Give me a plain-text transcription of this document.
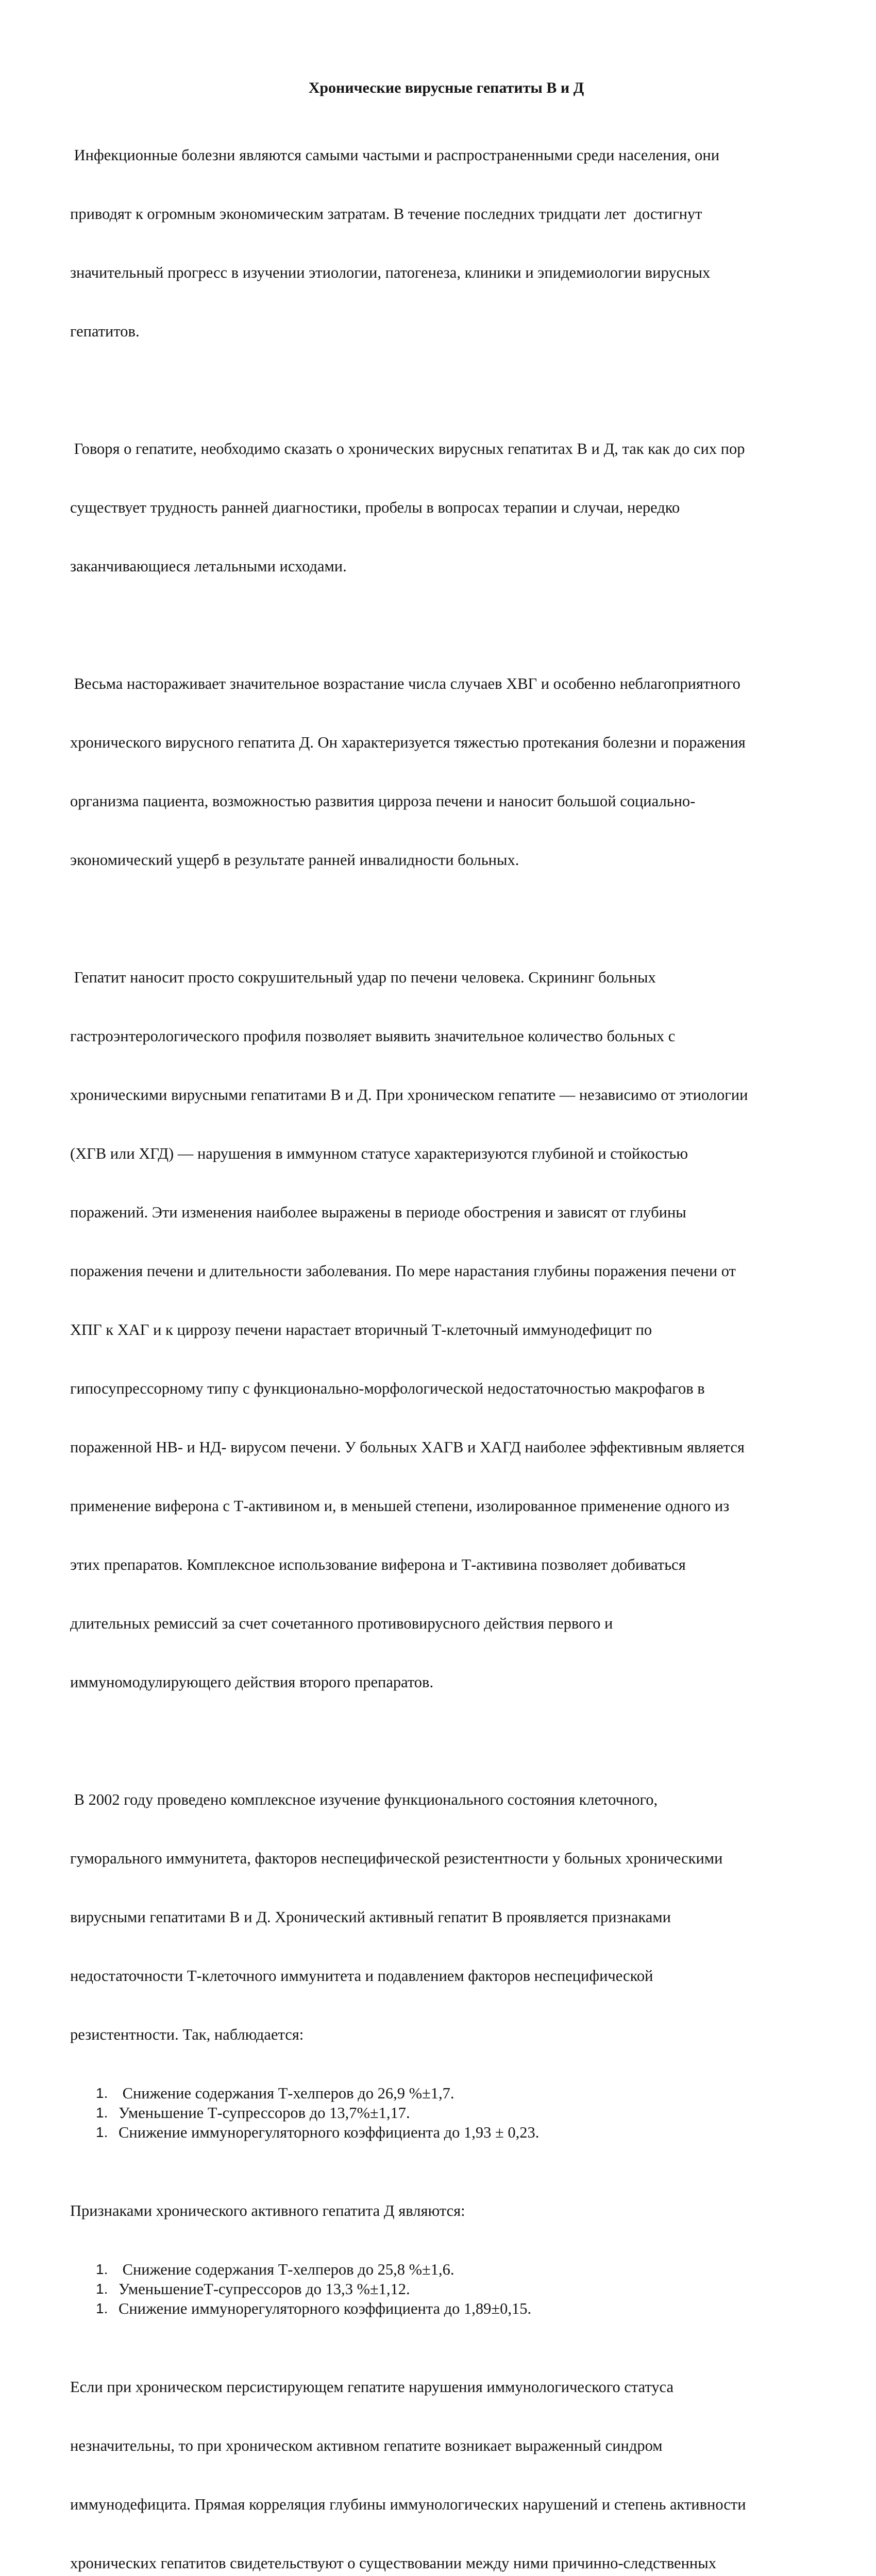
Хронические вирусные гепатиты В и Д

Инфекционные болезни являются самыми частыми и распространенными среди населения, они

приводят к огромным экономическим затратам. В течение последних тридцати лет  достигнут

значительный прогресс в изучении этиологии, патогенеза, клиники и эпидемиологии вирусных

гепатитов.

Говоря о гепатите, необходимо сказать о хронических вирусных гепатитах В и Д, так как до сих пор

существует трудность ранней диагностики, пробелы в вопросах терапии и случаи, нередко

заканчивающиеся летальными исходами.

Весьма настораживает значительное возрастание числа случаев ХВГ и особенно неблагоприятного

хронического вирусного гепатита Д. Он характеризуется тяжестью протекания болезни и поражения

организма пациента, возможностью развития цирроза печени и наносит большой социально-

экономический ущерб в результате ранней инвалидности больных.

Гепатит наносит просто сокрушительный удар по печени человека. Скрининг больных

гастроэнтерологического профиля позволяет выявить значительное количество больных с

хроническими вирусными гепатитами В и Д. При хроническом гепатите — независимо от этиологии

(ХГВ или ХГД) — нарушения в иммунном статусе характеризуются глубиной и стойкостью

поражений. Эти изменения наиболее выражены в периоде обострения и зависят от глубины

поражения печени и длительности заболевания. По мере нарастания глубины поражения печени от

ХПГ к ХАГ и к циррозу печени нарастает вторичный Т-клеточный иммунодефицит по

гипосупрессорному типу с функционально-морфологической недостаточностью макрофагов в

пораженной НВ- и НД- вирусом печени. У больных ХАГВ и ХАГД наиболее эффективным является

применение виферона с Т-активином и, в меньшей степени, изолированное применение одного из

этих препаратов. Комплексное использование виферона и Т-активина позволяет добиваться

длительных ремиссий за счет сочетанного противовирусного действия первого и

иммуномодулирующего действия второго препаратов.

В 2002 году проведено комплексное изучение функционального состояния клеточного,

гуморального иммунитета, факторов неспецифической резистентности у больных хроническими

вирусными гепатитами В и Д. Хронический активный гепатит В проявляется признаками

недостаточности Т-клеточного иммунитета и подавлением факторов неспецифической

резистентности. Так, наблюдается:

1. Снижение содержания Т-хелперов до 26,9 %±1,7.
1. Уменьшение Т-супрессоров до 13,7%±1,17.
1. Снижение иммунорегуляторного коэффициента до 1,93 ± 0,23.

Признаками хронического активного гепатита Д являются:

1. Снижение содержания Т-хелперов до 25,8 %±1,6.
1. УменьшениеТ-супрессоров до 13,3 %±1,12.
1. Снижение иммунорегуляторного коэффициента до 1,89±0,15.

Если при хроническом персистирующем гепатите нарушения иммунологического статуса

незначительны, то при хроническом активном гепатите возникает выраженный синдром

иммунодефицита. Прямая корреляция глубины иммунологических нарушений и степень активности

хронических гепатитов свидетельствуют о существовании между ними причинно-следственных
